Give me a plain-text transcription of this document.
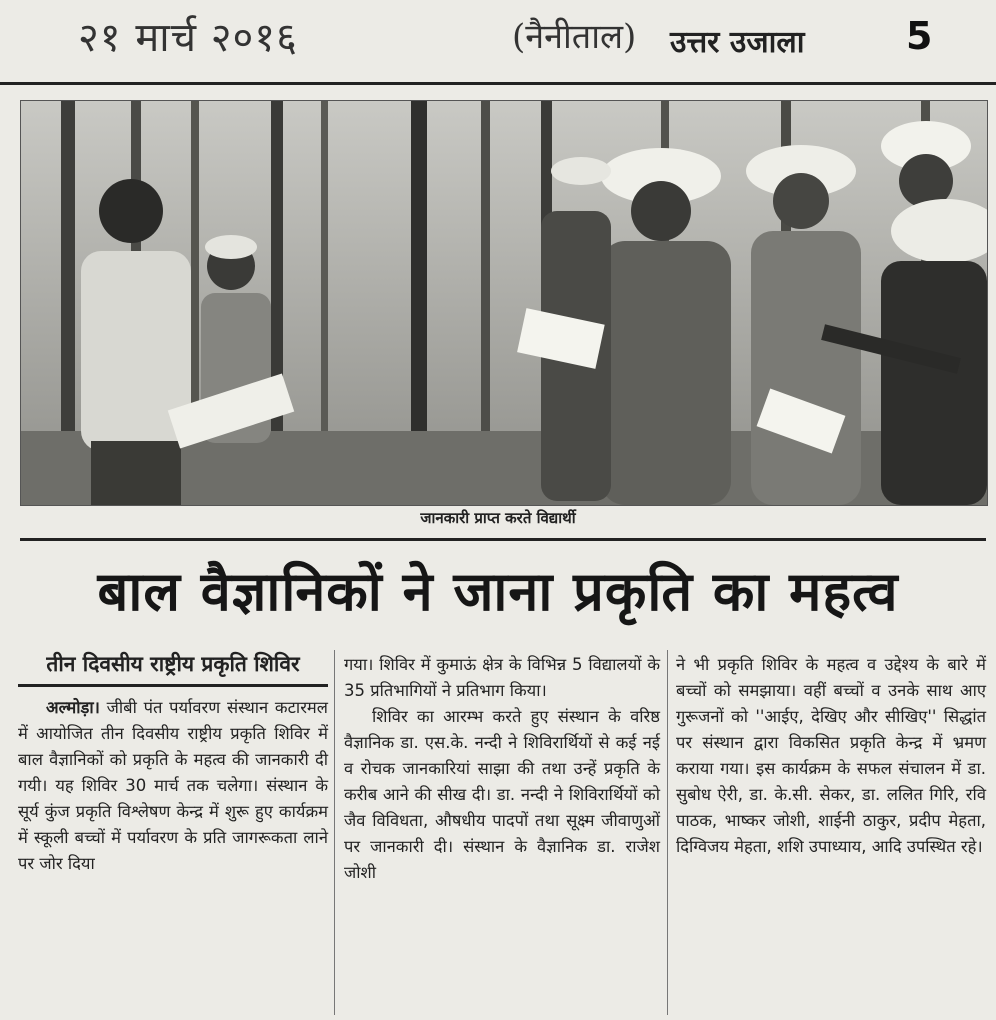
२१ मार्च २०१६	(नैनीताल) उत्तर उजाला	5
जानकारी प्राप्त करते विद्यार्थी
बाल वैज्ञानिकों ने जाना प्रकृति का महत्व
तीन दिवसीय राष्ट्रीय प्रकृति शिविर

अल्मोड़ा। जीबी पंत पर्यावरण संस्थान कटारमल में आयोजित तीन दिवसीय राष्ट्रीय प्रकृति शिविर में बाल वैज्ञानिकों को प्रकृति के महत्व की जानकारी दी गयी। यह शिविर 30 मार्च तक चलेगा। संस्थान के सूर्य कुंज प्रकृति विश्लेषण केन्द्र में शुरू हुए कार्यक्रम में स्कूली बच्चों में पर्यावरण के प्रति जागरूकता लाने पर जोर दिया

गया। शिविर में कुमाऊं क्षेत्र के विभिन्न 5 विद्यालयों के 35 प्रतिभागियों ने प्रतिभाग किया।

शिविर का आरम्भ करते हुए संस्थान के वरिष्ठ वैज्ञानिक डा. एस.के. नन्दी ने शिविरार्थियों से कई नई व रोचक जानकारियां साझा की तथा उन्हें प्रकृति के करीब आने की सीख दी। डा. नन्दी ने शिविरार्थियों को जैव विविधता, औषधीय पादपों तथा सूक्ष्म जीवाणुओं पर जानकारी दी। संस्थान के वैज्ञानिक डा. राजेश जोशी

ने भी प्रकृति शिविर के महत्व व उद्देश्य के बारे में बच्चों को समझाया। वहीं बच्चों व उनके साथ आए गुरूजनों को ''आईए, देखिए और सीखिए'' सिद्धांत पर संस्थान द्वारा विकसित प्रकृति केन्द्र में भ्रमण कराया गया। इस कार्यक्रम के सफल संचालन में डा. सुबोध ऐरी, डा. के.सी. सेकर, डा. ललित गिरि, रवि पाठक, भाष्कर जोशी, शाईनी ठाकुर, प्रदीप मेहता, दिग्विजय मेहता, शशि उपाध्याय, आदि उपस्थित रहे।
